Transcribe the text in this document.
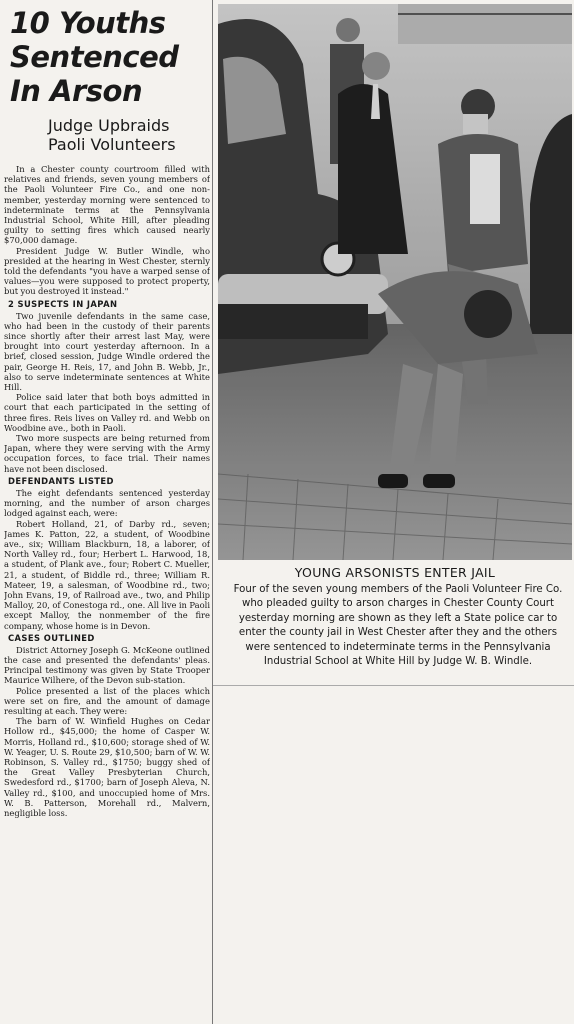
10 Youths
Sentenced
In Arson
Judge Upbraids
Paoli Volunteers

In a Chester county courtroom filled with relatives and friends, seven young members of the Paoli Volunteer Fire Co., and one non-member, yesterday morning were sentenced to indeterminate terms at the Pennsylvania Industrial School, White Hill, after pleading guilty to setting fires which caused nearly $70,000 damage.

President Judge W. Butler Windle, who presided at the hearing in West Chester, sternly told the defendants "you have a warped sense of values—you were supposed to protect property, but you destroyed it instead."

2 SUSPECTS IN JAPAN

Two juvenile defendants in the same case, who had been in the custody of their parents since shortly after their arrest last May, were brought into court yesterday afternoon. In a brief, closed session, Judge Windle ordered the pair, George H. Reis, 17, and John B. Webb, Jr., also to serve indeterminate sentences at White Hill.

Police said later that both boys admitted in court that each participated in the setting of three fires. Reis lives on Valley rd. and Webb on Woodbine ave., both in Paoli.

Two more suspects are being returned from Japan, where they were serving with the Army occupation forces, to face trial. Their names have not been disclosed.

DEFENDANTS LISTED

The eight defendants sentenced yesterday morning, and the number of arson charges lodged against each, were:

Robert Holland, 21, of Darby rd., seven; James K. Patton, 22, a student, of Woodbine ave., six; William Blackburn, 18, a laborer, of North Valley rd., four; Herbert L. Harwood, 18, a student, of Plank ave., four; Robert C. Mueller, 21, a student, of Biddle rd., three; William R. Mateer, 19, a salesman, of Woodbine rd., two; John Evans, 19, of Railroad ave., two, and Philip Malloy, 20, of Conestoga rd., one. All live in Paoli except Malloy, the nonmember of the fire company, whose home is in Devon.

CASES OUTLINED

District Attorney Joseph G. McKeone outlined the case and presented the defendants' pleas. Principal testimony was given by State Trooper Maurice Wilhere, of the Devon sub-station.

Police presented a list of the places which were set on fire, and the amount of damage resulting at each. They were:

The barn of W. Winfield Hughes on Cedar Hollow rd., $45,000; the home of Casper W. Morris, Holland rd., $10,600; storage shed of W. W. Yeager, U. S. Route 29, $10,500; barn of W. W. Robinson, S. Valley rd., $1750; buggy shed of the Great Valley Presbyterian Church, Swedesford rd., $1700; barn of Joseph Aleva, N. Valley rd., $100, and unoccupied home of Mrs. W. B. Patterson, Morehall rd., Malvern, negligible loss.

YOUNG ARSONISTS ENTER JAIL
Four of the seven young members of the Paoli Volunteer Fire Co. who pleaded guilty to arson charges in Chester County Court yesterday morning are shown as they left a State police car to enter the county jail in West Chester after they and the others were sentenced to indeterminate terms in the Pennsylvania Industrial School at White Hill by Judge W. B. Windle.
